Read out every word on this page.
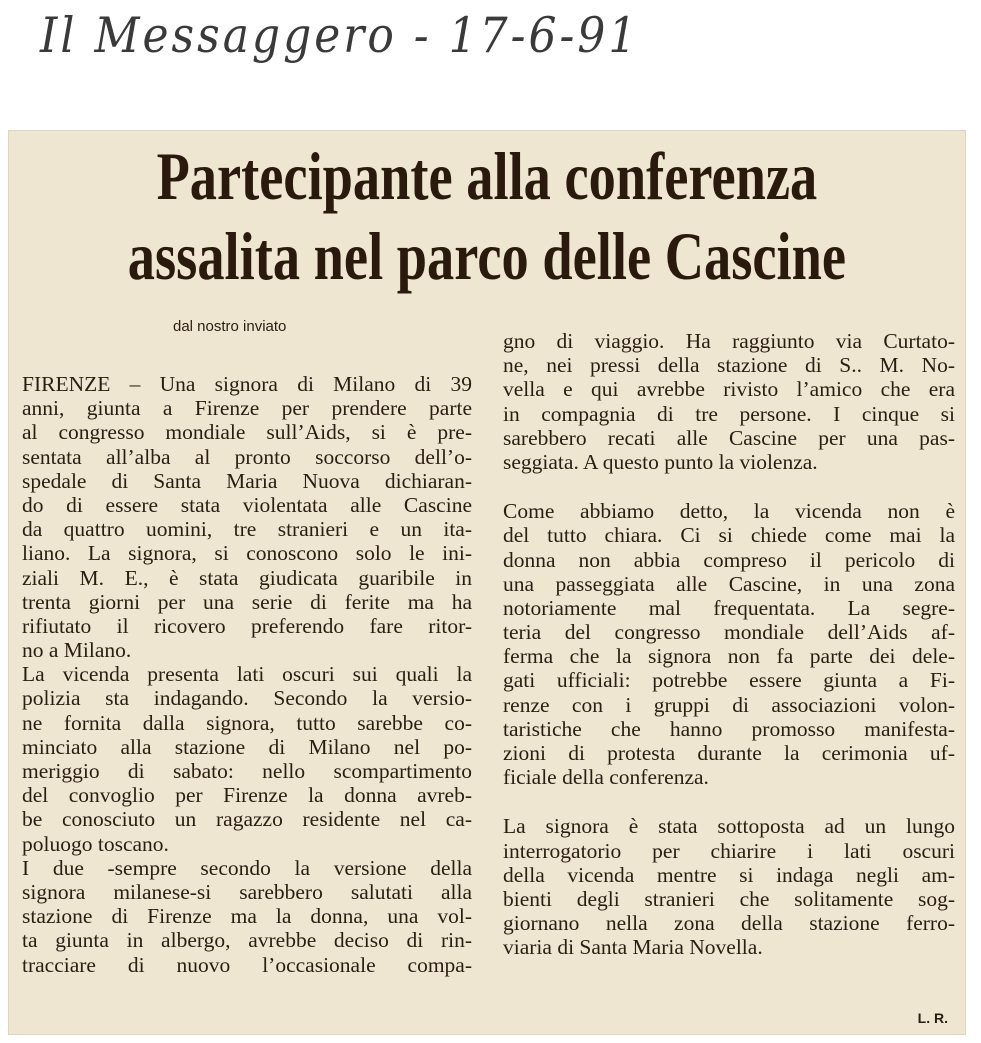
Il Messaggero - 17-6-91
Partecipante alla conferenza
assalita nel parco delle Cascine
dal nostro inviato
FIRENZE – Una signora di Milano di 39
anni, giunta a Firenze per prendere parte
al congresso mondiale sull’Aids, si è pre-
sentata all’alba al pronto soccorso dell’o-
spedale di Santa Maria Nuova dichiaran-
do di essere stata violentata alle Cascine
da quattro uomini, tre stranieri e un ita-
liano. La signora, si conoscono solo le ini-
ziali M. E., è stata giudicata guaribile in
trenta giorni per una serie di ferite ma ha
rifiutato il ricovero preferendo fare ritor-
no a Milano.
La vicenda presenta lati oscuri sui quali la
polizia sta indagando. Secondo la versio-
ne fornita dalla signora, tutto sarebbe co-
minciato alla stazione di Milano nel po-
meriggio di sabato: nello scompartimento
del convoglio per Firenze la donna avreb-
be conosciuto un ragazzo residente nel ca-
poluogo toscano.
I due -sempre secondo la versione della
signora milanese-si sarebbero salutati alla
stazione di Firenze ma la donna, una vol-
ta giunta in albergo, avrebbe deciso di rin-
tracciare di nuovo l’occasionale compa-
gno di viaggio. Ha raggiunto via Curtato-
ne, nei pressi della stazione di S.. M. No-
vella e qui avrebbe rivisto l’amico che era
in compagnia di tre persone. I cinque si
sarebbero recati alle Cascine per una pas-
seggiata. A questo punto la violenza.
Come abbiamo detto, la vicenda non è
del tutto chiara. Ci si chiede come mai la
donna non abbia compreso il pericolo di
una passeggiata alle Cascine, in una zona
notoriamente mal frequentata. La segre-
teria del congresso mondiale dell’Aids af-
ferma che la signora non fa parte dei dele-
gati ufficiali: potrebbe essere giunta a Fi-
renze con i gruppi di associazioni volon-
taristiche che hanno promosso manifesta-
zioni di protesta durante la cerimonia uf-
ficiale della conferenza.
La signora è stata sottoposta ad un lungo
interrogatorio per chiarire i lati oscuri
della vicenda mentre si indaga negli am-
bienti degli stranieri che solitamente sog-
giornano nella zona della stazione ferro-
viaria di Santa Maria Novella.
L. R.
